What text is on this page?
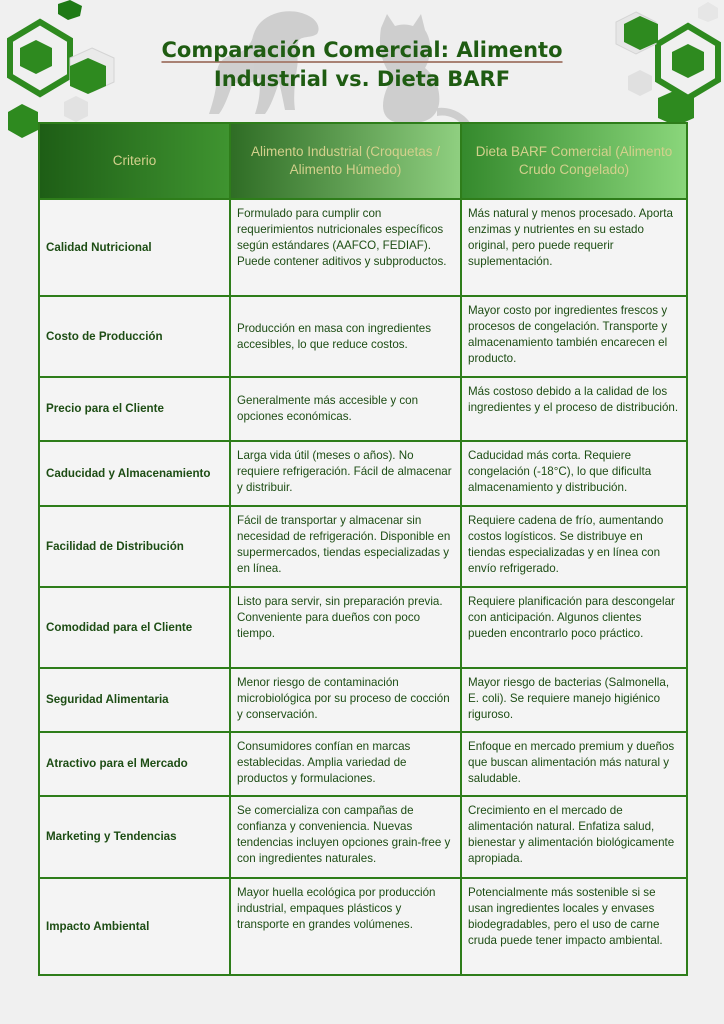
Comparación Comercial: Alimento
Industrial vs. Dieta BARF
Criterio	Alimento Industrial (Croquetas / Alimento Húmedo)	Dieta BARF Comercial (Alimento Crudo Congelado)
Calidad Nutricional	Formulado para cumplir con requerimientos nutricionales específicos según estándares (AAFCO, FEDIAF). Puede contener aditivos y subproductos.	Más natural y menos procesado. Aporta enzimas y nutrientes en su estado original, pero puede requerir suplementación.
Costo de Producción	Producción en masa con ingredientes accesibles, lo que reduce costos.	Mayor costo por ingredientes frescos y procesos de congelación. Transporte y almacenamiento también encarecen el producto.
Precio para el Cliente	Generalmente más accesible y con opciones económicas.	Más costoso debido a la calidad de los ingredientes y el proceso de distribución.
Caducidad y Almacenamiento	Larga vida útil (meses o años). No requiere refrigeración. Fácil de almacenar y distribuir.	Caducidad más corta. Requiere congelación (-18°C), lo que dificulta almacenamiento y distribución.
Facilidad de Distribución	Fácil de transportar y almacenar sin necesidad de refrigeración. Disponible en supermercados, tiendas especializadas y en línea.	Requiere cadena de frío, aumentando costos logísticos. Se distribuye en tiendas especializadas y en línea con envío refrigerado.
Comodidad para el Cliente	Listo para servir, sin preparación previa. Conveniente para dueños con poco tiempo.	Requiere planificación para descongelar con anticipación. Algunos clientes pueden encontrarlo poco práctico.
Seguridad Alimentaria	Menor riesgo de contaminación microbiológica por su proceso de cocción y conservación.	Mayor riesgo de bacterias (Salmonella, E. coli). Se requiere manejo higiénico riguroso.
Atractivo para el Mercado	Consumidores confían en marcas establecidas. Amplia variedad de productos y formulaciones.	Enfoque en mercado premium y dueños que buscan alimentación más natural y saludable.
Marketing y Tendencias	Se comercializa con campañas de confianza y conveniencia. Nuevas tendencias incluyen opciones grain-free y con ingredientes naturales.	Crecimiento en el mercado de alimentación natural. Enfatiza salud, bienestar y alimentación biológicamente apropiada.
Impacto Ambiental	Mayor huella ecológica por producción industrial, empaques plásticos y transporte en grandes volúmenes.	Potencialmente más sostenible si se usan ingredientes locales y envases biodegradables, pero el uso de carne cruda puede tener impacto ambiental.
